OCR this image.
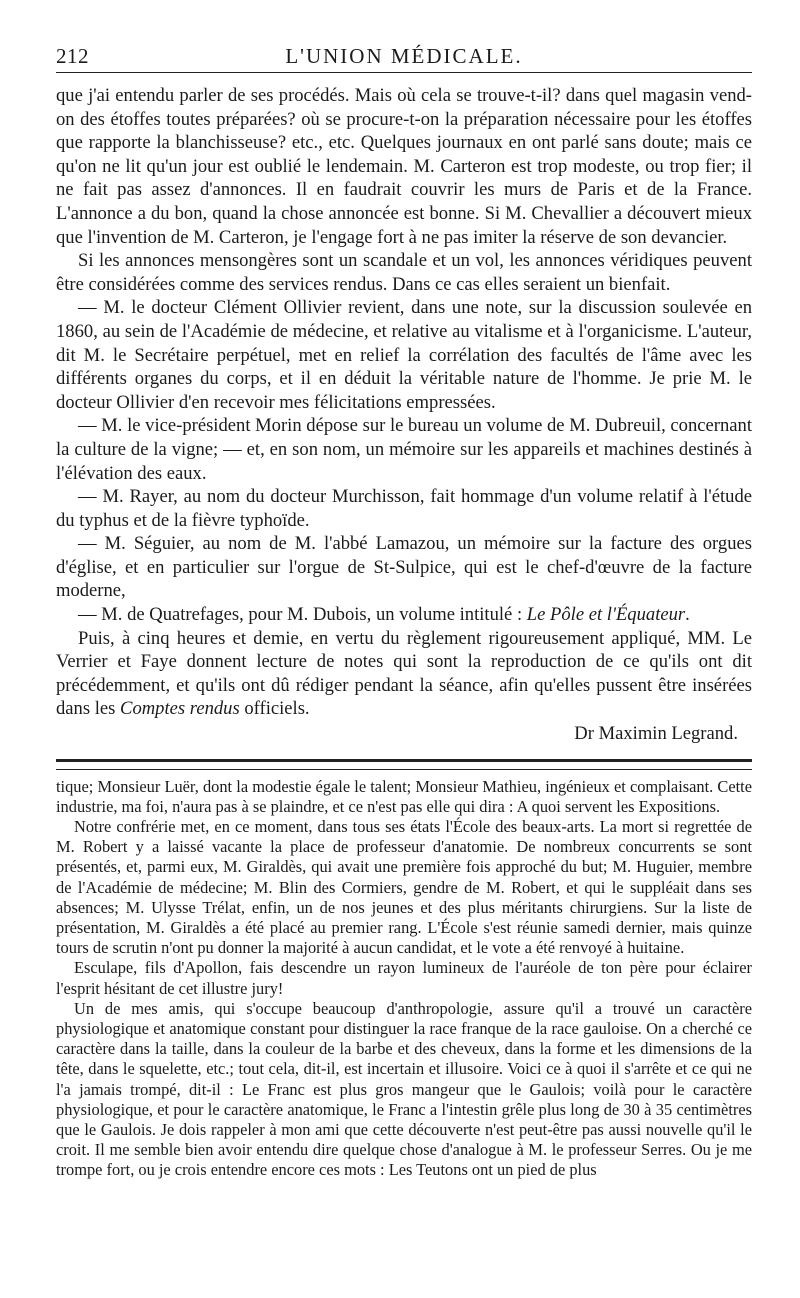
212	L'UNION MÉDICALE.

que j'ai entendu parler de ses procédés. Mais où cela se trouve-t-il? dans quel magasin vend-on des étoffes toutes préparées? où se procure-t-on la préparation nécessaire pour les étoffes que rapporte la blanchisseuse? etc., etc. Quelques journaux en ont parlé sans doute; mais ce qu'on ne lit qu'un jour est oublié le lendemain. M. Carteron est trop modeste, ou trop fier; il ne fait pas assez d'annonces. Il en faudrait couvrir les murs de Paris et de la France. L'annonce a du bon, quand la chose annoncée est bonne. Si M. Chevallier a découvert mieux que l'invention de M. Carteron, je l'engage fort à ne pas imiter la réserve de son devancier.

Si les annonces mensongères sont un scandale et un vol, les annonces véridiques peuvent être considérées comme des services rendus. Dans ce cas elles seraient un bienfait.

— M. le docteur Clément Ollivier revient, dans une note, sur la discussion soulevée en 1860, au sein de l'Académie de médecine, et relative au vitalisme et à l'organicisme. L'auteur, dit M. le Secrétaire perpétuel, met en relief la corrélation des facultés de l'âme avec les différents organes du corps, et il en déduit la véritable nature de l'homme. Je prie M. le docteur Ollivier d'en recevoir mes félicitations empressées.

— M. le vice-président Morin dépose sur le bureau un volume de M. Dubreuil, concernant la culture de la vigne; — et, en son nom, un mémoire sur les appareils et machines destinés à l'élévation des eaux.

— M. Rayer, au nom du docteur Murchisson, fait hommage d'un volume relatif à l'étude du typhus et de la fièvre typhoïde.

— M. Séguier, au nom de M. l'abbé Lamazou, un mémoire sur la facture des orgues d'église, et en particulier sur l'orgue de St-Sulpice, qui est le chef-d'œuvre de la facture moderne,

— M. de Quatrefages, pour M. Dubois, un volume intitulé : Le Pôle et l'Équateur.

Puis, à cinq heures et demie, en vertu du règlement rigoureusement appliqué, MM. Le Verrier et Faye donnent lecture de notes qui sont la reproduction de ce qu'ils ont dit précédemment, et qu'ils ont dû rédiger pendant la séance, afin qu'elles pussent être insérées dans les Comptes rendus officiels.

Dr Maximin Legrand.

tique; Monsieur Luër, dont la modestie égale le talent; Monsieur Mathieu, ingénieux et complaisant. Cette industrie, ma foi, n'aura pas à se plaindre, et ce n'est pas elle qui dira : A quoi servent les Expositions.

Notre confrérie met, en ce moment, dans tous ses états l'École des beaux-arts. La mort si regrettée de M. Robert y a laissé vacante la place de professeur d'anatomie. De nombreux concurrents se sont présentés, et, parmi eux, M. Giraldès, qui avait une première fois approché du but; M. Huguier, membre de l'Académie de médecine; M. Blin des Cormiers, gendre de M. Robert, et qui le suppléait dans ses absences; M. Ulysse Trélat, enfin, un de nos jeunes et des plus méritants chirurgiens. Sur la liste de présentation, M. Giraldès a été placé au premier rang. L'École s'est réunie samedi dernier, mais quinze tours de scrutin n'ont pu donner la majorité à aucun candidat, et le vote a été renvoyé à huitaine.

Esculape, fils d'Apollon, fais descendre un rayon lumineux de l'auréole de ton père pour éclairer l'esprit hésitant de cet illustre jury!

Un de mes amis, qui s'occupe beaucoup d'anthropologie, assure qu'il a trouvé un caractère physiologique et anatomique constant pour distinguer la race franque de la race gauloise. On a cherché ce caractère dans la taille, dans la couleur de la barbe et des cheveux, dans la forme et les dimensions de la tête, dans le squelette, etc.; tout cela, dit-il, est incertain et illusoire. Voici ce à quoi il s'arrête et ce qui ne l'a jamais trompé, dit-il : Le Franc est plus gros mangeur que le Gaulois; voilà pour le caractère physiologique, et pour le caractère anatomique, le Franc a l'intestin grêle plus long de 30 à 35 centimètres que le Gaulois. Je dois rappeler à mon ami que cette découverte n'est peut-être pas aussi nouvelle qu'il le croit. Il me semble bien avoir entendu dire quelque chose d'analogue à M. le professeur Serres. Ou je me trompe fort, ou je crois entendre encore ces mots : Les Teutons ont un pied de plus
